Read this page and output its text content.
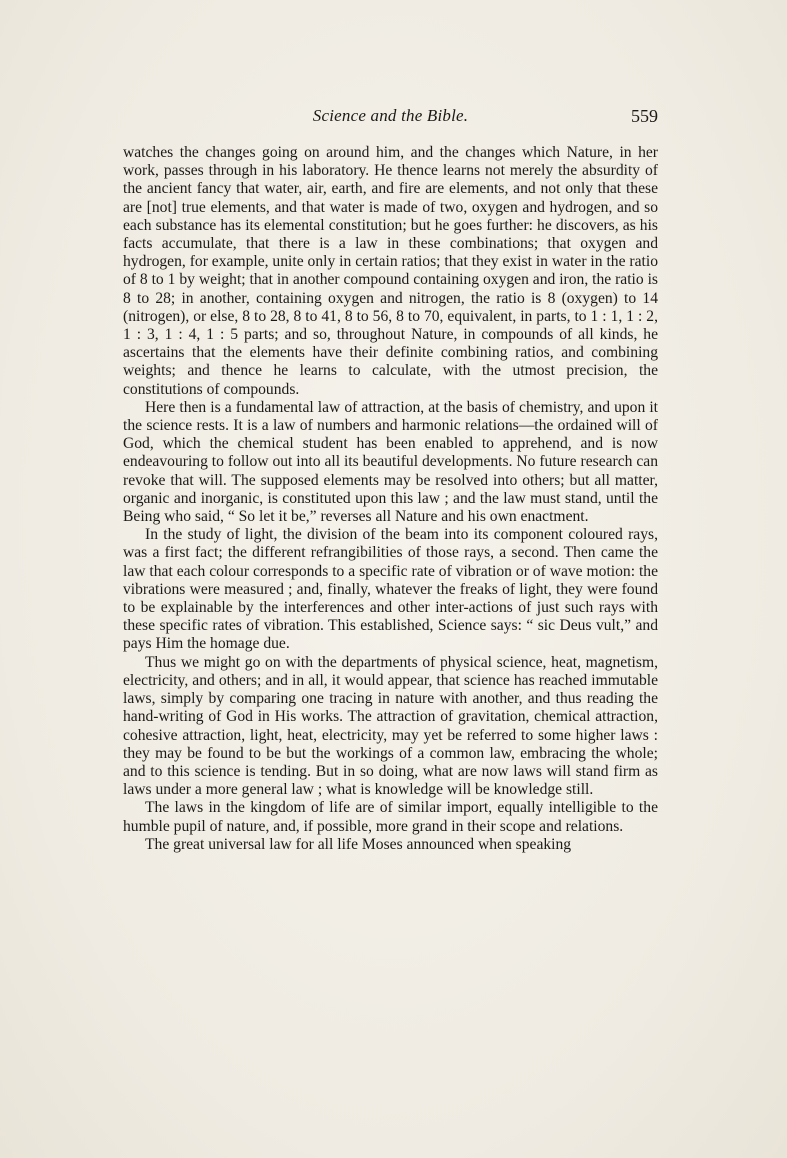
Science and the Bible.	559

watches the changes going on around him, and the changes which Nature, in her work, passes through in his laboratory. He thence learns not merely the absurdity of the ancient fancy that water, air, earth, and fire are elements, and not only that these are [not] true elements, and that water is made of two, oxygen and hydrogen, and so each substance has its elemental constitution; but he goes further: he discovers, as his facts accumulate, that there is a law in these combinations; that oxygen and hydrogen, for example, unite only in certain ratios; that they exist in water in the ratio of 8 to 1 by weight; that in another compound containing oxygen and iron, the ratio is 8 to 28; in another, containing oxygen and nitrogen, the ratio is 8 (oxygen) to 14 (nitrogen), or else, 8 to 28, 8 to 41, 8 to 56, 8 to 70, equivalent, in parts, to 1 : 1, 1 : 2, 1 : 3, 1 : 4, 1 : 5 parts; and so, throughout Nature, in compounds of all kinds, he ascertains that the elements have their definite combining ratios, and combining weights; and thence he learns to calculate, with the utmost precision, the constitutions of compounds.

Here then is a fundamental law of attraction, at the basis of chemistry, and upon it the science rests. It is a law of numbers and harmonic relations—the ordained will of God, which the chemical student has been enabled to apprehend, and is now endeavouring to follow out into all its beautiful developments. No future research can revoke that will. The supposed elements may be resolved into others; but all matter, organic and inorganic, is constituted upon this law ; and the law must stand, until the Being who said, “ So let it be,” reverses all Nature and his own enactment.

In the study of light, the division of the beam into its component coloured rays, was a first fact; the different refrangibilities of those rays, a second. Then came the law that each colour corresponds to a specific rate of vibration or of wave motion: the vibrations were measured ; and, finally, whatever the freaks of light, they were found to be explainable by the interferences and other inter-actions of just such rays with these specific rates of vibration. This established, Science says: “ sic Deus vult,” and pays Him the homage due.

Thus we might go on with the departments of physical science, heat, magnetism, electricity, and others; and in all, it would appear, that science has reached immutable laws, simply by comparing one tracing in nature with another, and thus reading the hand-writing of God in His works. The attraction of gravitation, chemical attraction, cohesive attraction, light, heat, electricity, may yet be referred to some higher laws : they may be found to be but the workings of a common law, embracing the whole; and to this science is tending. But in so doing, what are now laws will stand firm as laws under a more general law ; what is knowledge will be knowledge still.

The laws in the kingdom of life are of similar import, equally intelligible to the humble pupil of nature, and, if possible, more grand in their scope and relations.

The great universal law for all life Moses announced when speaking
